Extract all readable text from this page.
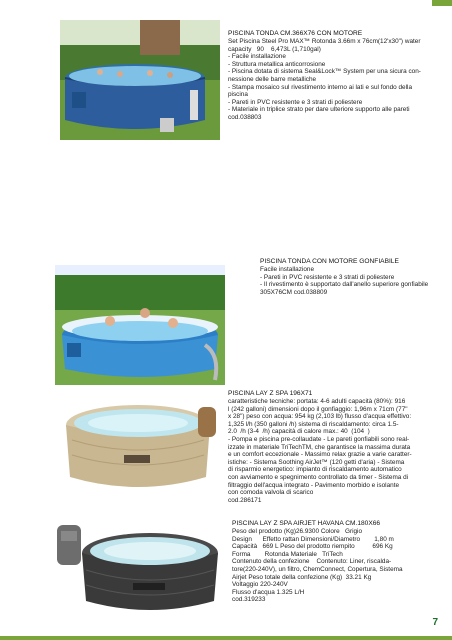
PISCINA TONDA CM.366X76 CON MOTORE
Set Piscina Steel Pro MAX™ Rotonda 3.66m x 76cm(12'x30") water
capacity   90    6,473L (1,710gal)
- Facile installazione
- Struttura metallica anticorrosione
- Piscina dotata di sistema Seal&Lock™ System per una sicura con-
nessione delle barre metalliche
- Stampa mosaico sul rivestimento interno ai lati e sul fondo della
piscina
- Pareti in PVC resistente e 3 strati di poliestere
- Materiale in triplice strato per dare ulteriore supporto alle pareti
cod.038803
PISCINA TONDA CON MOTORE GONFIABILE
Facile installazione
- Pareti in PVC resistente e 3 strati di poliestere
- Il rivestimento è supportato dall'anello superiore gonfiabile
305X76CM cod.038809
PISCINA LAY Z SPA 196X71
caratteristiche tecniche: portata: 4-6 adulti capacità (80%): 916
l (242 galloni) dimensioni dopo il gonfiaggio: 1,96m x 71cm (77"
x 28") peso con acqua: 954 kg (2,103 lb) flusso d'acqua effettivo:
1,325 l/h (350 galloni /h) sistema di riscaldamento: circa 1.5-
2.0  /h (3-4  /h) capacità di calore max.: 40  (104  )
- Pompa e piscina pre-collaudate - Le pareti gonfiabili sono real-
izzate in materiale TriTechTM, che garantisce la massima durata
e un comfort eccezionale - Massimo relax grazie a varie caratter-
istiche: - Sistema Soothing AirJet™ (120 getti d'aria) - Sistema
di risparmio energetico: impianto di riscaldamento automatico
con avviamento e spegnimento controllato da timer - Sistema di
filtraggio dell'acqua integrato - Pavimento morbido e isolante
con comoda valvola di scarico
cod.286171
PISCINA LAY Z SPA AIRJET HAVANA CM.180X66
Peso del prodotto (Kg)26.9300 Colore   Grigio
Design      Effetto rattan Dimensioni/Diametro        1,80 m
Capacità   669 L Peso del prodotto riempito          696 Kg
Forma        Rotonda Materiale   TriTech
Contenuto della confezione    Contenuto: Liner, riscalda-
tore(220-240V), un filtro, ChemConnect, Copertura, Sistema
Airjet Peso totale della confezione (Kg)  33.21 Kg
Voltaggio 220-240V
Flusso d'acqua 1.325 L/H
cod.319233
7
